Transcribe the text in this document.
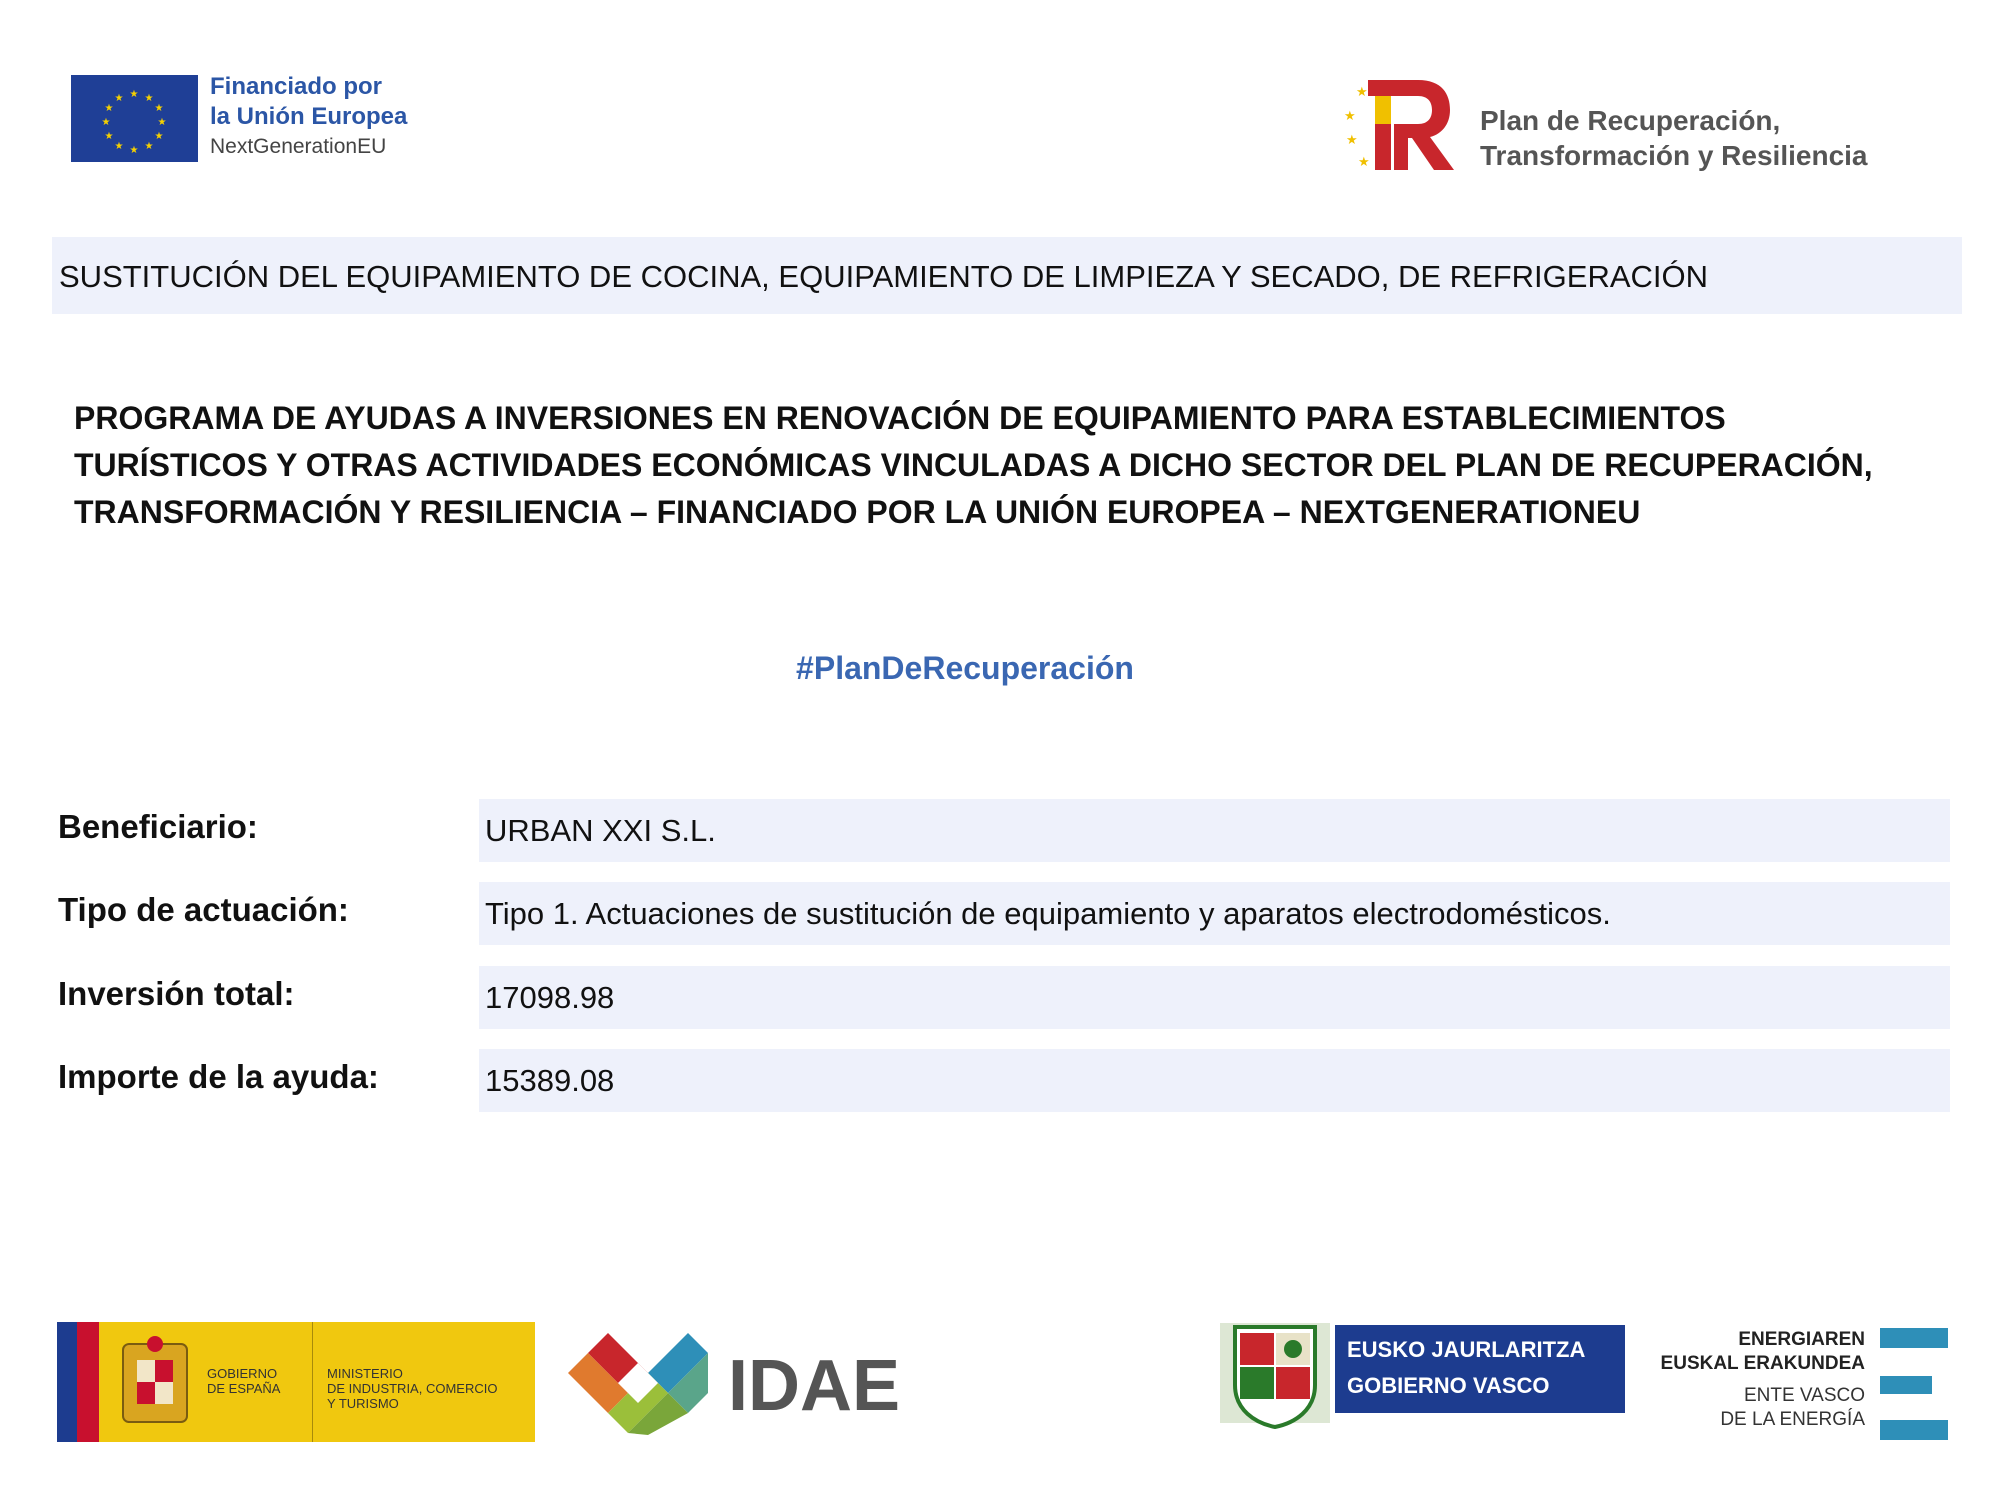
★ ★
★
★
★
★
★
★
★
★
★
★	Financiado por
la Unión Europea
NextGenerationEU
★
★
★
★
Plan de Recuperación,
Transformación y Resiliencia
SUSTITUCIÓN DEL EQUIPAMIENTO DE COCINA, EQUIPAMIENTO DE LIMPIEZA Y SECADO, DE REFRIGERACIÓN
PROGRAMA DE AYUDAS A INVERSIONES EN RENOVACIÓN DE EQUIPAMIENTO PARA ESTABLECIMIENTOS
TURÍSTICOS Y OTRAS ACTIVIDADES ECONÓMICAS VINCULADAS A DICHO SECTOR DEL PLAN DE RECUPERACIÓN,
TRANSFORMACIÓN Y RESILIENCIA – FINANCIADO POR LA UNIÓN EUROPEA – NEXTGENERATIONEU
#PlanDeRecuperación
Beneficiario:	URBAN XXI S.L.
Tipo de actuación:	Tipo 1. Actuaciones de sustitución de equipamiento y aparatos electrodomésticos.
Inversión total:	17098.98
Importe de la ayuda:	15389.08
GOBIERNO
DE ESPAÑA
MINISTERIO
DE INDUSTRIA, COMERCIO
Y TURISMO	IDAE	EUSKO JAURLARITZA
GOBIERNO VASCO
ENERGIAREN
EUSKAL ERAKUNDEA
ENTE VASCO
DE LA ENERGÍA
